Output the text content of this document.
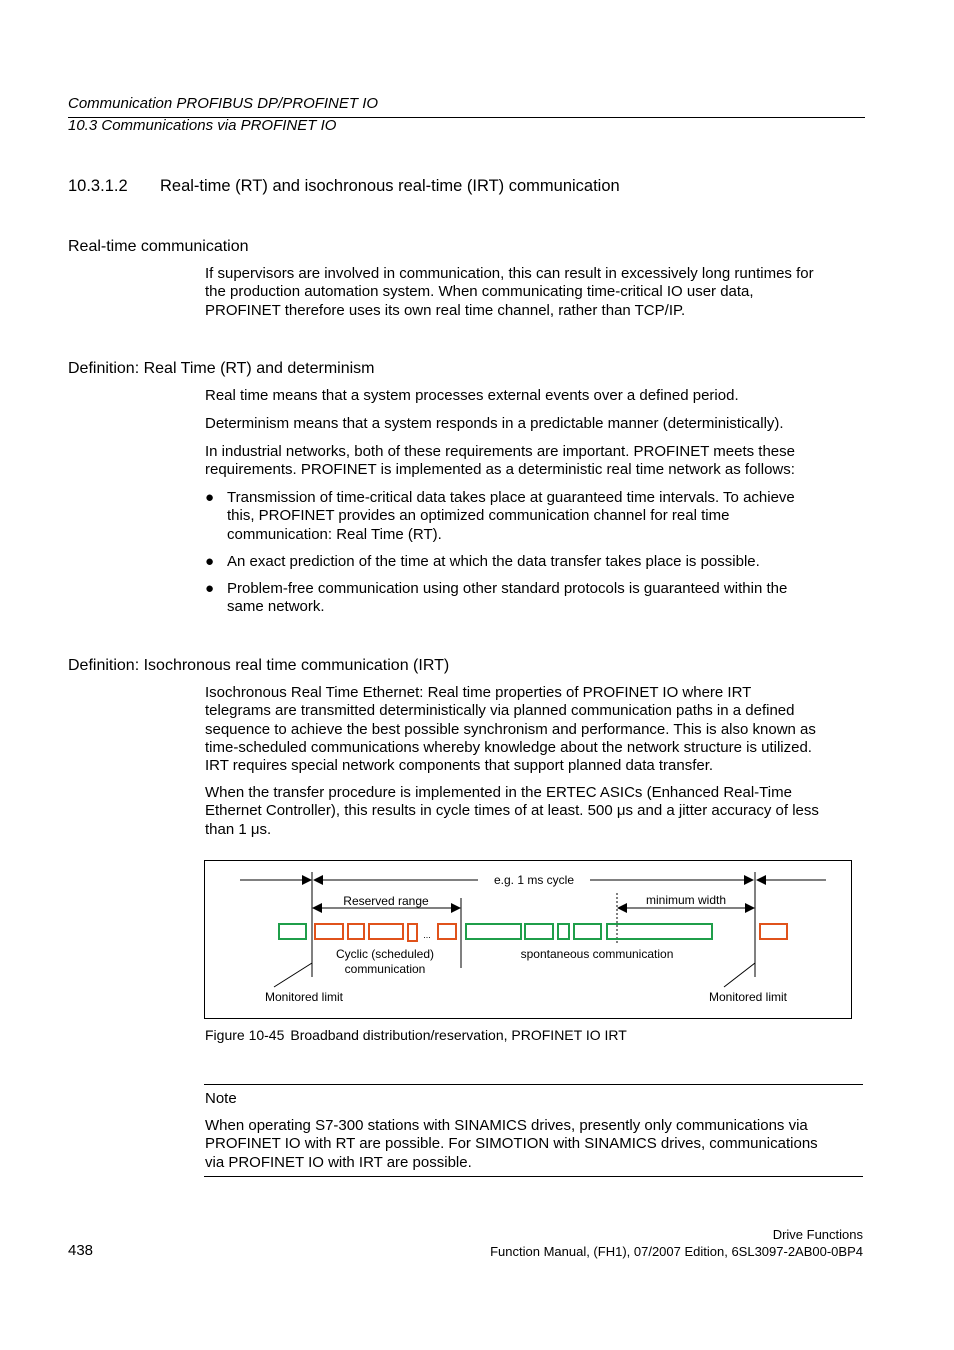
Communication PROFIBUS DP/PROFINET IO
10.3 Communications via PROFINET IO
10.3.1.2 Real-time (RT) and isochronous real-time (IRT) communication
Real-time communication
If supervisors are involved in communication, this can result in excessively long runtimes for
the production automation system. When communicating time-critical IO user data,
PROFINET therefore uses its own real time channel, rather than TCP/IP.
Definition: Real Time (RT) and determinism
Real time means that a system processes external events over a defined period.
Determinism means that a system responds in a predictable manner (deterministically).
In industrial networks, both of these requirements are important. PROFINET meets these
requirements. PROFINET is implemented as a deterministic real time network as follows:
● Transmission of time-critical data takes place at guaranteed time intervals. To achieve
this, PROFINET provides an optimized communication channel for real time
communication: Real Time (RT).
● An exact prediction of the time at which the data transfer takes place is possible.
● Problem-free communication using other standard protocols is guaranteed within the
same network.
Definition: Isochronous real time communication (IRT)
Isochronous Real Time Ethernet: Real time properties of PROFINET IO where IRT
telegrams are transmitted deterministically via planned communication paths in a defined
sequence to achieve the best possible synchronism and performance. This is also known as
time-scheduled communications whereby knowledge about the network structure is utilized.
IRT requires special network components that support planned data transfer.
When the transfer procedure is implemented in the ERTEC ASICs (Enhanced Real-Time
Ethernet Controller), this results in cycle times of at least. 500 μs and a jitter accuracy of less
than 1 μs.
e.g. 1 ms cycle
Reserved range	minimum width
...
Cyclic (scheduled)
communication
spontaneous communication
Monitored limit	Monitored limit
Figure 10-45 Broadband distribution/reservation, PROFINET IO IRT
Note
When operating S7-300 stations with SINAMICS drives, presently only communications via
PROFINET IO with RT are possible. For SIMOTION with SINAMICS drives, communications
via PROFINET IO with IRT are possible.
438
Drive Functions
Function Manual, (FH1), 07/2007 Edition, 6SL3097-2AB00-0BP4
